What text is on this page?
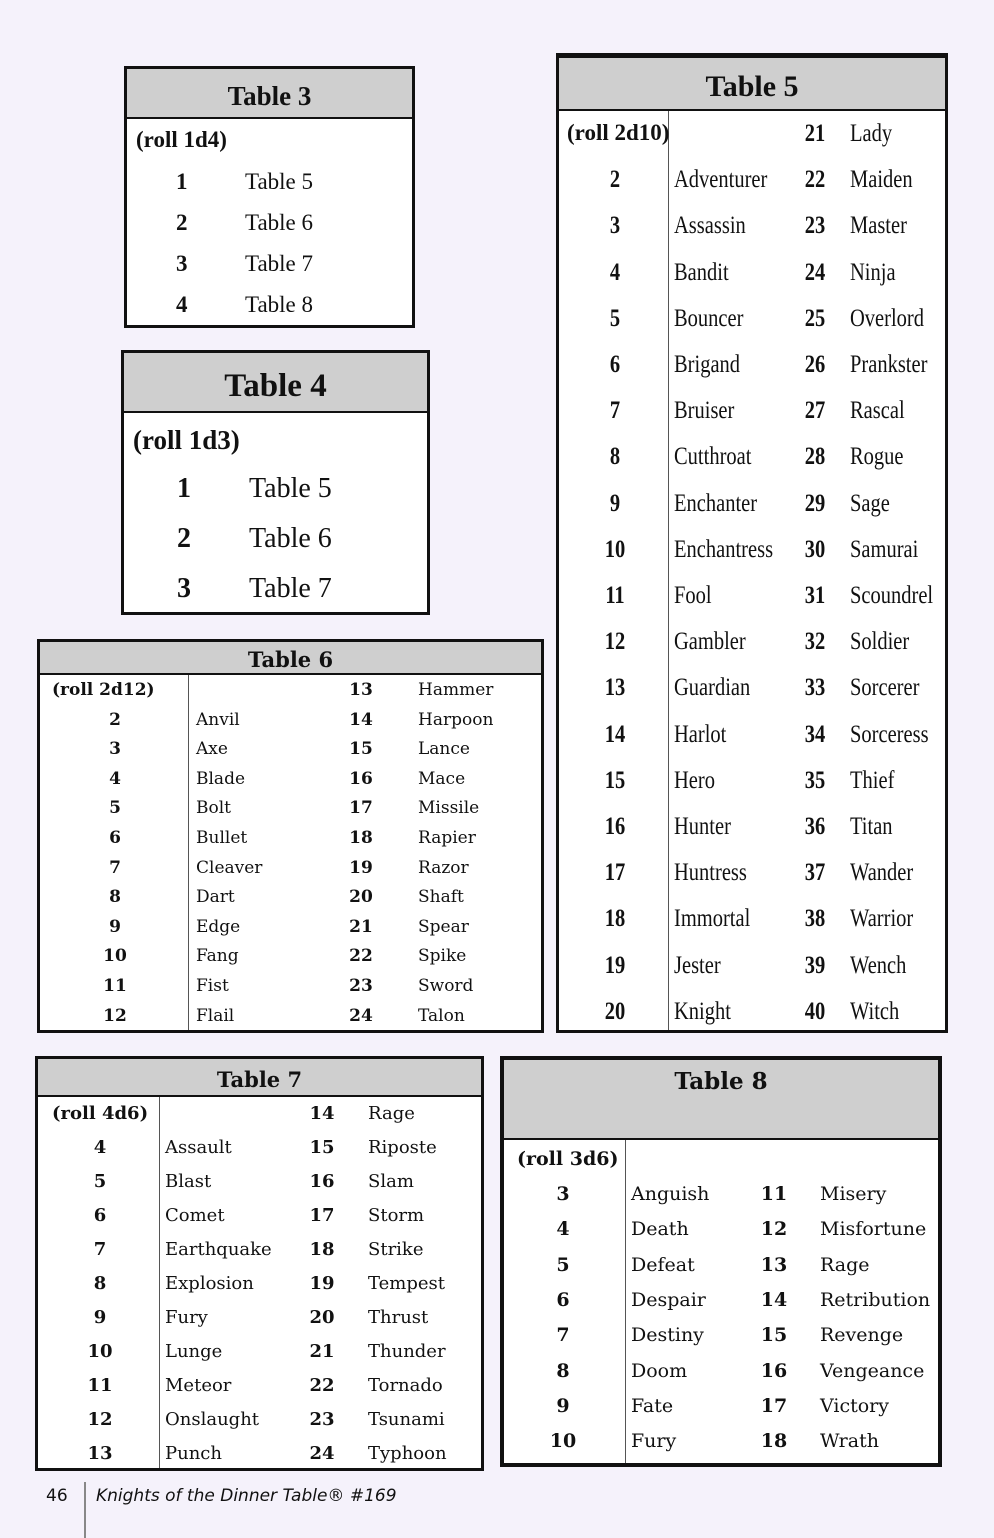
Table 3
(roll 1d4)
1	Table 5
2	Table 6
3	Table 7
4	Table 8
Table 4
(roll 1d3)
1 Table 5
2 Table 6
3 Table 7
Table 5
(roll 2d10)	21 Lady
2 Adventurer 22 Maiden
3 Assassin 23 Master
4 Bandit	24 Ninja
5 Bouncer 25 Overlord
6 Brigand	26 Prankster
7 Bruiser	27 Rascal
8 Cutthroat 28 Rogue
9 Enchanter 29 Sage
10 Enchantress 30 Samurai
11 Fool	31 Scoundrel
12 Gambler 32 Soldier
13 Guardian 33 Sorcerer
14 Harlot	34 Sorceress
15 Hero	35 Thief
16 Hunter	36 Titan
17 Huntress 37 Wander
18 Immortal 38 Warrior
19 Jester	39 Wench
20 Knight	40 Witch
Table 6
(roll 2d12)	13	Hammer
2	Anvil	14	Harpoon
3	Axe	15	Lance
4	Blade	16	Mace
5	Bolt	17	Missile
6	Bullet	18	Rapier
7	Cleaver	19	Razor
8	Dart	20	Shaft
9	Edge	21	Spear
10	Fang	22	Spike
11	Fist	23	Sword
12	Flail	24	Talon
Table 7
(roll 4d6)	14 Rage
4	Assault	15 Riposte
5	Blast	16 Slam
6	Comet	17 Storm
7	Earthquake 18 Strike
8	Explosion	19 Tempest
9	Fury	20 Thrust
10	Lunge	21 Thunder
11	Meteor	22 Tornado
12	Onslaught	23 Tsunami
13	Punch	24 Typhoon
Table 8
(roll 3d6)
3	Anguish	11 Misery
4	Death	12 Misfortune
5	Defeat	13 Rage
6	Despair	14 Retribution
7	Destiny	15 Revenge
8	Doom	16 Vengeance
9	Fate	17 Victory
10	Fury	18 Wrath
46 Knights of the Dinner Table® #169
